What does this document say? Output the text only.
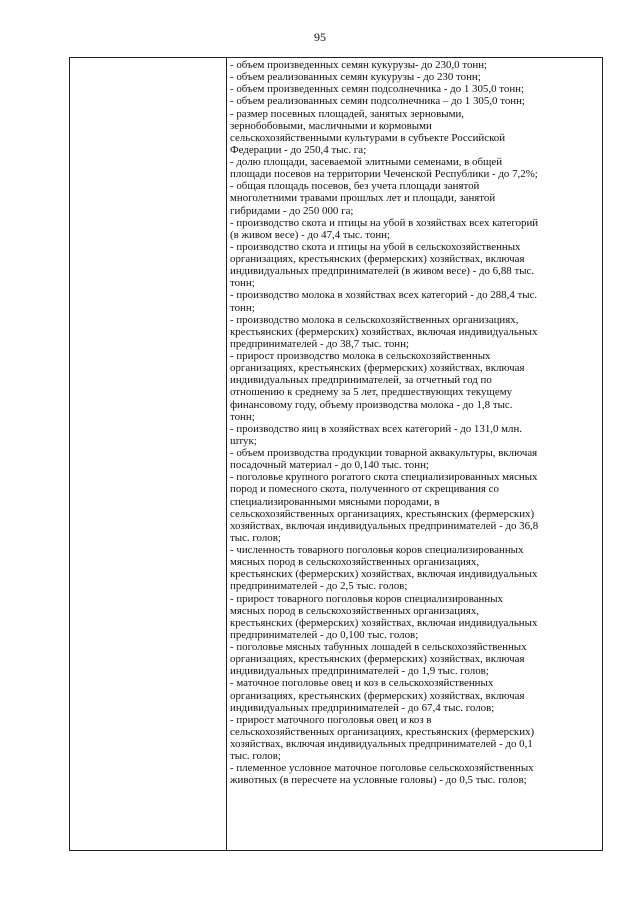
95
- объем произведенных семян кукурузы- до 230,0 тонн;
- объем реализованных семян кукурузы - до 230 тонн;
- объем произведенных семян подсолнечника - до 1 305,0 тонн;
- объем реализованных семян подсолнечника – до 1 305,0 тонн;
- размер посевных площадей, занятых зерновыми,
зернобобовыми, масличными и кормовыми
сельскохозяйственными культурами в субъекте Российской
Федерации - до 250,4 тыс. га;
- долю площади, засеваемой элитными семенами, в общей
площади посевов на территории Чеченской Республики - до 7,2%;
- общая площадь посевов, без учета площади занятой
многолетними травами прошлых лет и площади, занятой
гибридами - до 250 000 га;
- производство скота и птицы на убой в хозяйствах всех категорий
(в живом весе) - до 47,4 тыс. тонн;
- производство скота и птицы на убой в сельскохозяйственных
организациях, крестьянских (фермерских) хозяйствах, включая
индивидуальных предпринимателей (в живом весе) - до 6,88 тыс.
тонн;
- производство молока в хозяйствах всех категорий - до 288,4 тыс.
тонн;
- производство молока в сельскохозяйственных организациях,
крестьянских (фермерских) хозяйствах, включая индивидуальных
предпринимателей - до 38,7 тыс. тонн;
- прирост производство молока в сельскохозяйственных
организациях, крестьянских (фермерских) хозяйствах, включая
индивидуальных предпринимателей, за отчетный год по
отношению к среднему за 5 лет, предшествующих текущему
финансовому году, объему производства молока - до 1,8 тыс.
тонн;
- производство яиц в хозяйствах всех категорий - до 131,0 млн.
штук;
- объем производства продукции товарной аквакультуры, включая
посадочный материал - до 0,140 тыс. тонн;
- поголовье крупного рогатого скота специализированных мясных
пород и помесного скота, полученного от скрещивания со
специализированными мясными породами, в
сельскохозяйственных организациях, крестьянских (фермерских)
хозяйствах, включая индивидуальных предпринимателей - до 36,8
тыс. голов;
- численность товарного поголовья коров специализированных
мясных пород в сельскохозяйственных организациях,
крестьянских (фермерских) хозяйствах, включая индивидуальных
предпринимателей - до 2,5 тыс. голов;
- прирост товарного поголовья коров специализированных
мясных пород в сельскохозяйственных организациях,
крестьянских (фермерских) хозяйствах, включая индивидуальных
предпринимателей - до 0,100 тыс. голов;
- поголовье мясных табунных лошадей в сельскохозяйственных
организациях, крестьянских (фермерских) хозяйствах, включая
индивидуальных предпринимателей - до 1,9 тыс. голов;
- маточное поголовье овец и коз в сельскохозяйственных
организациях, крестьянских (фермерских) хозяйствах, включая
индивидуальных предпринимателей - до 67,4 тыс. голов;
- прирост маточного поголовья овец и коз в
сельскохозяйственных организациях, крестьянских (фермерских)
хозяйствах, включая индивидуальных предпринимателей - до 0,1
тыс. голов;
- племенное условное маточное поголовье сельскохозяйственных
животных (в пересчете на условные головы) - до 0,5 тыс. голов;
